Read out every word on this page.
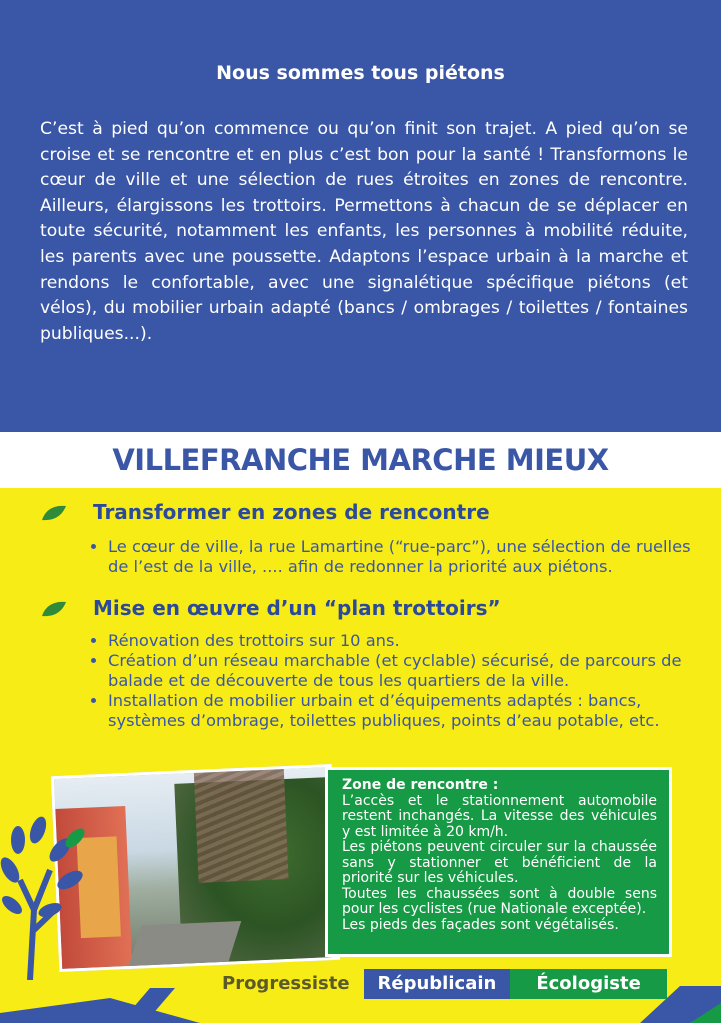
Nous sommes tous piétons

C’est à pied qu’on commence ou qu’on finit son trajet. A pied qu’on se croise et se rencontre et en plus c’est bon pour la santé ! Transformons le cœur de ville et une sélection de rues étroites en zones de rencontre. Ailleurs, élargissons les trottoirs. Permettons à chacun de se déplacer en toute sécurité, notamment les enfants, les personnes à mobilité réduite, les parents avec une poussette. Adaptons l’espace urbain à la marche et rendons le confortable, avec une signalétique spécifique piétons (et vélos), du mobilier urbain adapté (bancs / ombrages / toilettes / fontaines publiques...).

VILLEFRANCHE MARCHE MIEUX
Transformer en zones de rencontre
• Le cœur de ville, la rue Lamartine (“rue-parc”), une sélection de ruelles de l’est de la ville, .... afin de redonner la priorité aux piétons.
Mise en œuvre d’un “plan trottoirs”
• Rénovation des trottoirs sur 10 ans.
• Création d’un réseau marchable (et cyclable) sécurisé, de parcours de balade et de découverte de tous les quartiers de la ville.
• Installation de mobilier urbain et d’équipements adaptés : bancs, systèmes d’ombrage, toilettes publiques, points d’eau potable, etc.
Zone de rencontre :
L’accès et le stationnement automobile restent inchangés. La vitesse des véhicules y est limitée à 20 km/h.
Les piétons peuvent circuler sur la chaussée sans y stationner et bénéficient de la priorité sur les véhicules.
Toutes les chaussées sont à double sens pour les cyclistes (rue Nationale exceptée).
Les pieds des façades sont végétalisés.
Progressiste	Républicain	Écologiste
